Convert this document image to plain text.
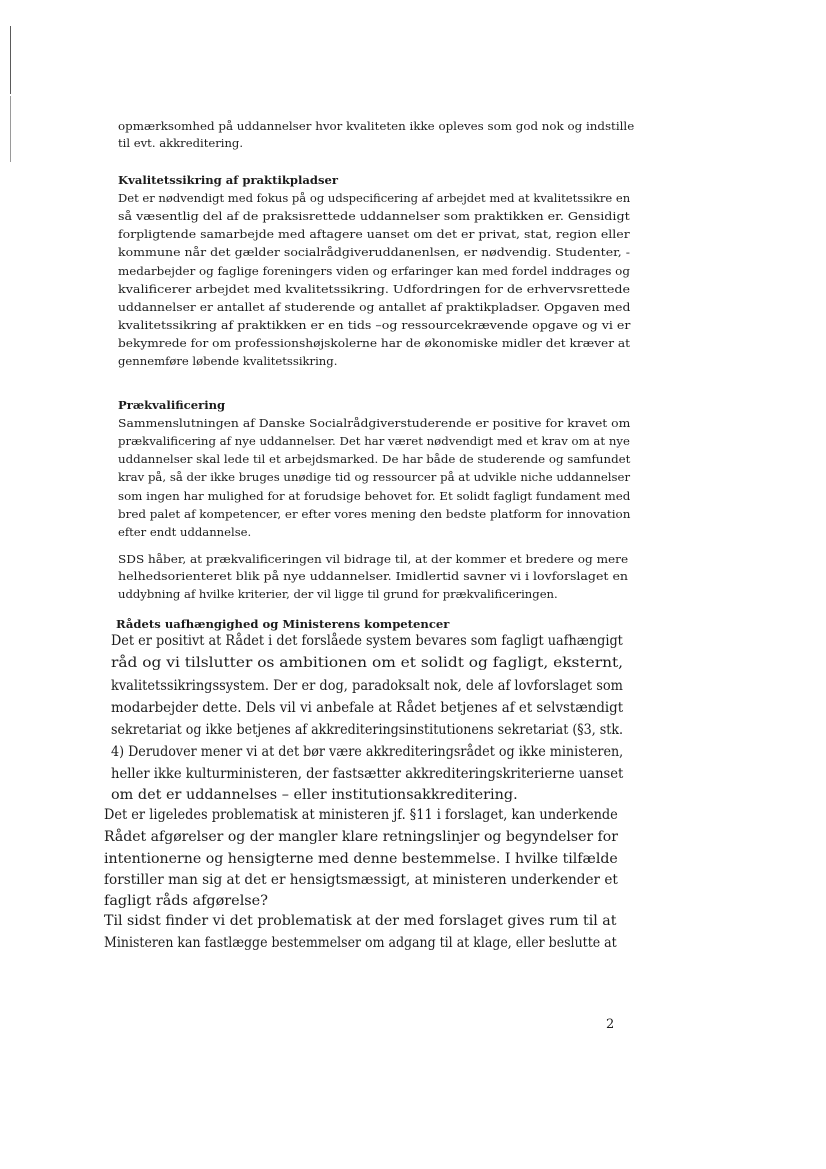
opmærksomhed på uddannelser hvor kvaliteten ikke opleves som god nok og indstille
til evt. akkreditering.
Kvalitetssikring af praktikpladser
Det er nødvendigt med fokus på og udspecificering af arbejdet med at kvalitetssikre en
så væsentlig del af de praksisrettede uddannelser som praktikken er. Gensidigt
forpligtende samarbejde med aftagere uanset om det er privat, stat, region eller
kommune når det gælder socialrådgiveruddanenlsen, er nødvendig. Studenter, -
medarbejder og faglige foreningers viden og erfaringer kan med fordel inddrages og
kvalificerer arbejdet med kvalitetssikring. Udfordringen for de erhvervsrettede
uddannelser er antallet af studerende og antallet af praktikpladser. Opgaven med
kvalitetssikring af praktikken er en tids –og ressourcekrævende opgave og vi er
bekymrede for om professionshøjskolerne har de økonomiske midler det kræver at
gennemføre løbende kvalitetssikring.
Prækvalificering
Sammenslutningen af Danske Socialrådgiverstuderende er positive for kravet om
prækvalificering af nye uddannelser. Det har været nødvendigt med et krav om at nye
uddannelser skal lede til et arbejdsmarked. De har både de studerende og samfundet
krav på, så der ikke bruges unødige tid og ressourcer på at udvikle niche uddannelser
som ingen har mulighed for at forudsige behovet for. Et solidt fagligt fundament med
bred palet af kompetencer, er efter vores mening den bedste platform for innovation
efter endt uddannelse.
SDS håber, at prækvalificeringen vil bidrage til, at der kommer et bredere og mere
helhedsorienteret blik på nye uddannelser. Imidlertid savner vi i lovforslaget en
uddybning af hvilke kriterier, der vil ligge til grund for prækvalificeringen.
Rådets uafhængighed og Ministerens kompetencer
Det er positivt at Rådet i det forslåede system bevares som fagligt uafhængigt
råd og vi tilslutter os ambitionen om et solidt og fagligt, eksternt,
kvalitetssikringssystem. Der er dog, paradoksalt nok, dele af lovforslaget som
modarbejder dette. Dels vil vi anbefale at Rådet betjenes af et selvstændigt
sekretariat og ikke betjenes af akkrediteringsinstitutionens sekretariat (§3, stk.
4) Derudover mener vi at det bør være akkrediteringsrådet og ikke ministeren,
heller ikke kulturministeren, der fastsætter akkrediteringskriterierne uanset
om det er uddannelses – eller institutionsakkreditering.
Det er ligeledes problematisk at ministeren jf. §11 i forslaget, kan underkende
Rådet afgørelser og der mangler klare retningslinjer og begyndelser for
intentionerne og hensigterne med denne bestemmelse. I hvilke tilfælde
forstiller man sig at det er hensigtsmæssigt, at ministeren underkender et
fagligt råds afgørelse?
Til sidst finder vi det problematisk at der med forslaget gives rum til at
Ministeren kan fastlægge bestemmelser om adgang til at klage, eller beslutte at
2
